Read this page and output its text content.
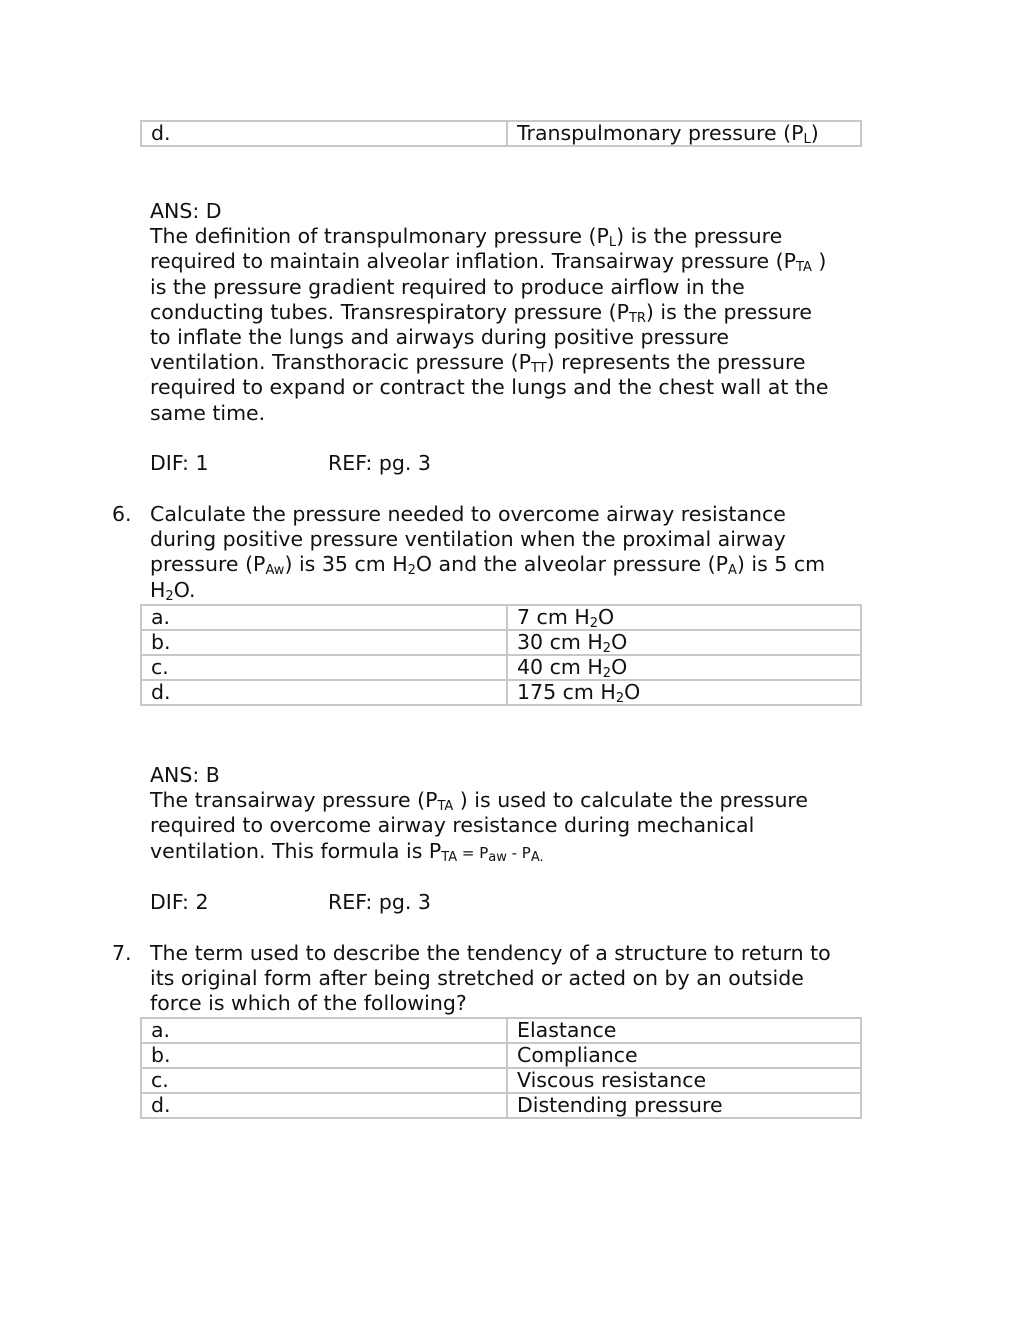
d.	Transpulmonary pressure $(P_L)$
ANS: D
The definition of transpulmonary pressure $(P_L)$ is the pressure
required to maintain alveolar inflation. Transairway pressure ($P_{TA}$ )
is the pressure gradient required to produce airflow in the
conducting tubes. Transrespiratory pressure $(P_{TR})$ is the pressure
to inflate the lungs and airways during positive pressure
ventilation. Transthoracic pressure $(P_{TT})$ represents the pressure
required to expand or contract the lungs and the chest wall at the
same time.
DIF: 1	REF: pg. 3
6. Calculate the pressure needed to overcome airway resistance
during positive pressure ventilation when the proximal airway
pressure $(P_{Aw})$ is 35 cm $H_2O$ and the alveolar pressure $(P_A)$ is 5 cm
$H_2O$.
a.	7 cm $H_2O$
b.	30 cm $H_2O$
c.	40 cm $H_2O$
d.	175 cm $H_2O$
ANS: B
The transairway pressure ($P_{TA}$ ) is used to calculate the pressure
required to overcome airway resistance during mechanical
ventilation. This formula is $P_{TA} = P_{aw} - P_{A.}$
DIF: 2	REF: pg. 3
7. The term used to describe the tendency of a structure to return to
its original form after being stretched or acted on by an outside
force is which of the following?
a.	Elastance
b.	Compliance
c.	Viscous resistance
d.	Distending pressure
